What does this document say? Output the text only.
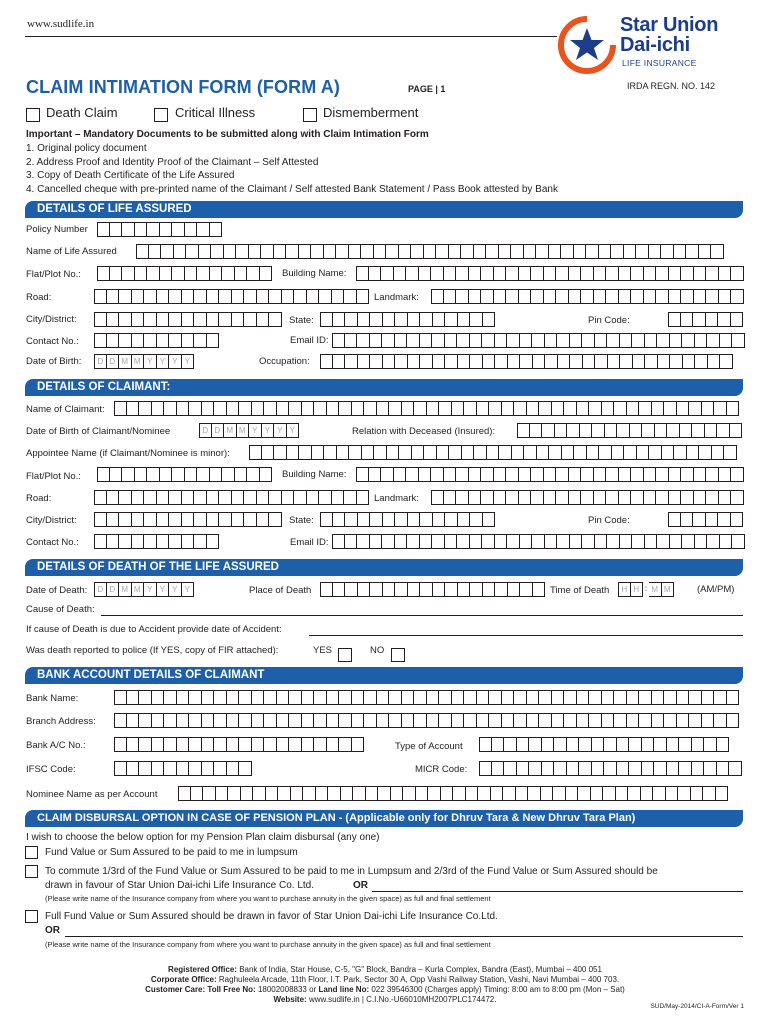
www.sudlife.in	Star Union
Dai-ichi
LIFE INSURANCE
CLAIM INTIMATION FORM (FORM A)	PAGE | 1	IRDA REGN. NO. 142
Death Claim	Critical Illness	Dismemberment
Important – Mandatory Documents to be submitted along with Claim Intimation Form
1. Original policy document
2. Address Proof and Identity Proof of the Claimant – Self Attested
3. Copy of Death Certificate of the Life Assured
4. Cancelled cheque with pre-printed name of the Claimant / Self attested Bank Statement / Pass Book attested by Bank
DETAILS OF LIFE ASSURED
Policy Number
Name of Life Assured
Flat/Plot No.:	Building Name:
Road:	Landmark:
City/District:	State:	Pin Code:
Contact No.:	Email ID:
Date of Birth:	D D M M Y Y Y Y	Occupation:
DETAILS OF CLAIMANT:
Name of Claimant:
Date of Birth of Claimant/Nominee	D D M M Y Y Y Y	Relation with Deceased (Insured):
Appointee Name (if Claimant/Nominee is minor):
Flat/Plot No.:	Building Name:
Road:	Landmark:
City/District:	State:	Pin Code:
Contact No.:	Email ID:
DETAILS OF DEATH OF THE LIFE ASSURED
Date of Death:	D D M M Y Y Y Y	Place of Death	Time of Death	H H : M M	(AM/PM)
Cause of Death:
If cause of Death is due to Accident provide date of Accident:
Was death reported to police (If YES, copy of FIR attached):	YES	NO
BANK ACCOUNT DETAILS OF CLAIMANT
Bank Name:
Branch Address:
Bank A/C No.:	Type of Account
IFSC Code:	MICR Code:
Nominee Name as per Account
CLAIM DISBURSAL OPTION IN CASE OF PENSION PLAN - (Applicable only for Dhruv Tara & New Dhruv Tara Plan)
I wish to choose the below option for my Pension Plan claim disbursal (any one)
Fund Value or Sum Assured to be paid to me in lumpsum
To commute 1/3rd of the Fund Value or Sum Assured to be paid to me in Lumpsum and 2/3rd of the Fund Value or Sum Assured should be
drawn in favour of Star Union Dai-ichi Life Insurance Co. Ltd.	OR
(Please write name of the Insurance company from where you want to purchase annuity in the given space) as full and final settlement
Full Fund Value or Sum Assured should be drawn in favor of Star Union Dai-ichi Life Insurance Co.Ltd.
OR
(Please write name of the Insurance company from where you want to purchase annuity in the given space) as full and final settlement
Registered Office: Bank of India, Star House, C-5, "G" Block, Bandra – Kurla Complex, Bandra (East), Mumbai – 400 051
Corporate Office: Raghuleela Arcade, 11th Floor, I.T. Park, Sector 30 A, Opp Vashi Railway Station, Vashi, Navi Mumbai – 400 703.
Customer Care: Toll Free No: 18002008833 or Land line No: 022 39546300 (Charges apply) Timing: 8:00 am to 8:00 pm (Mon – Sat)
Website: www.sudlife.in | C.I.No.-U66010MH2007PLC174472.
SUD/May-2014/CI-A-Form/Ver 1
